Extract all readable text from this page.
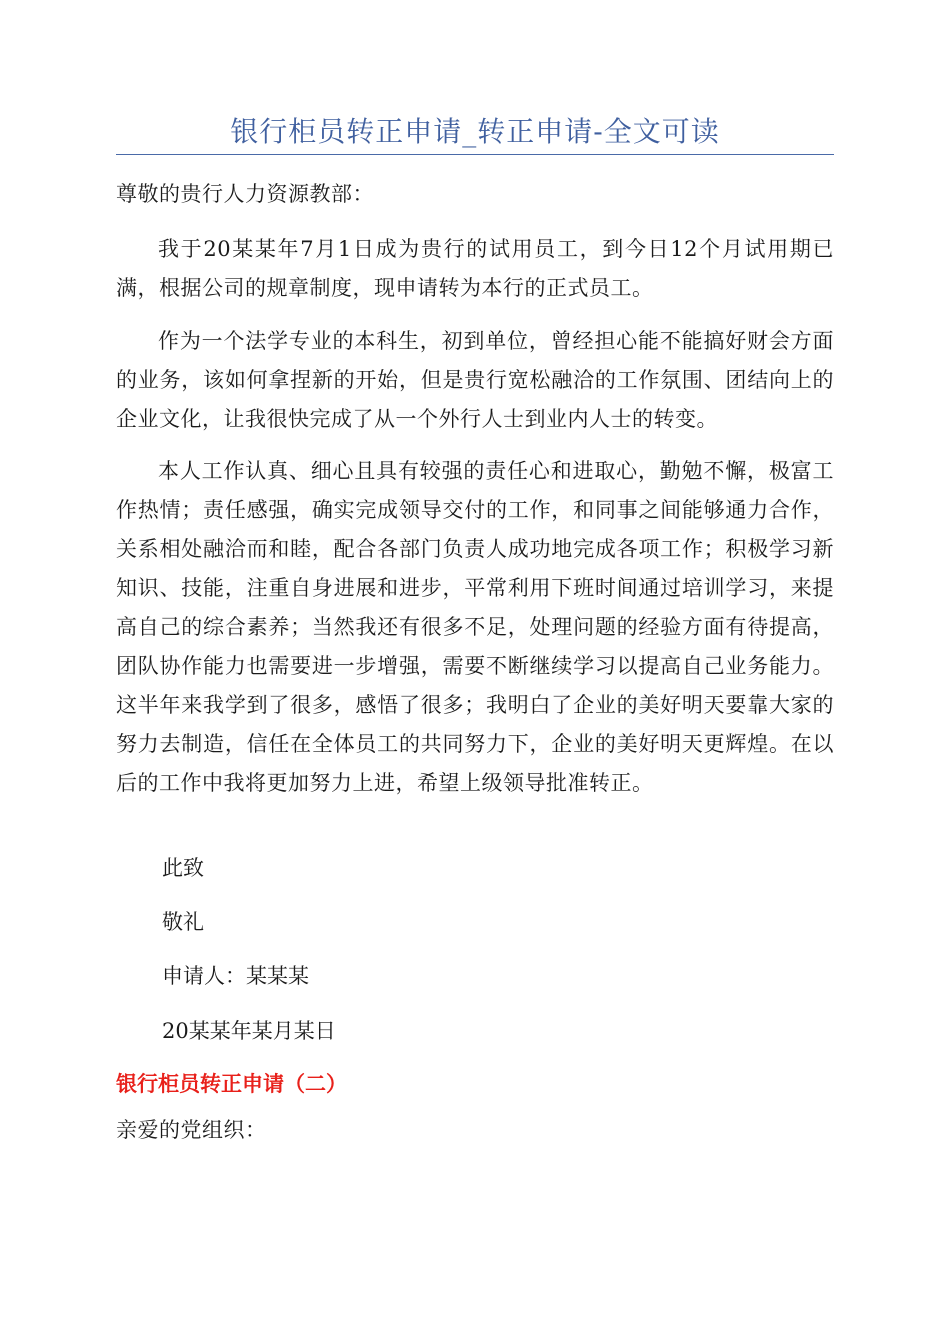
银行柜员转正申请_转正申请-全文可读
尊敬的贵行人力资源教部：
我于20某某年7月1日成为贵行的试用员工，到今日12个月试用期已满，根据公司的规章制度，现申请转为本行的正式员工。
作为一个法学专业的本科生，初到单位，曾经担心能不能搞好财会方面的业务，该如何拿捏新的开始，但是贵行宽松融洽的工作氛围、团结向上的企业文化，让我很快完成了从一个外行人士到业内人士的转变。
本人工作认真、细心且具有较强的责任心和进取心，勤勉不懈，极富工作热情；责任感强，确实完成领导交付的工作，和同事之间能够通力合作，关系相处融洽而和睦，配合各部门负责人成功地完成各项工作；积极学习新知识、技能，注重自身进展和进步，平常利用下班时间通过培训学习，来提高自己的综合素养；当然我还有很多不足，处理问题的经验方面有待提高，团队协作能力也需要进一步增强，需要不断继续学习以提高自己业务能力。这半年来我学到了很多，感悟了很多；我明白了企业的美好明天要靠大家的努力去制造，信任在全体员工的共同努力下，企业的美好明天更辉煌。在以后的工作中我将更加努力上进，希望上级领导批准转正。
此致
敬礼
申请人：某某某
20某某年某月某日
银行柜员转正申请（二）
亲爱的党组织：
